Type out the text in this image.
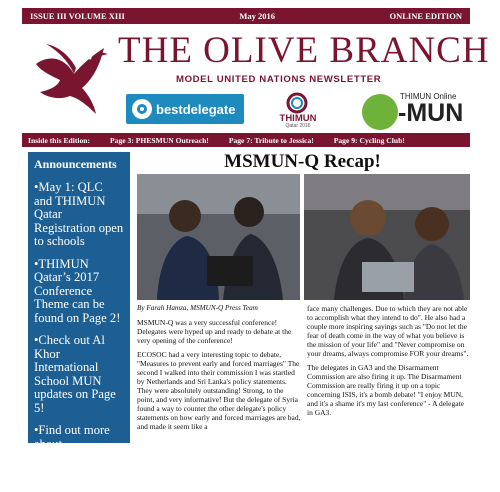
ISSUE III VOLUME XIII	May 2016	ONLINE EDITION
THE OLIVE BRANCH
MODEL UNITED NATIONS NEWSLETTER
bestdelegate
THIMUN
Qatar 2016
THIMUN Online
-MUN
Inside this Edition:	Page 3: PHESMUN Outreach!	Page 7: Tribute to Jessica!	Page 9: Cycling Club!
Announcements
•May 1: QLC and THIMUN Qatar Registration open to schools
•THIMUN Qatar’s 2017 Conference Theme can be found on Page 2!
•Check out Al Khor International School MUN updates on Page 5!
•Find out more about "Genderless Bikes in Qatar" on Page 6!
MSMUN-Q Recap!
By Farah Hamza, MSMUN-Q Press Team

MSMUN-Q was a very successful conference! Delegates were hyped up and ready to debate at the very opening of the conference!

ECOSOC had a very interesting topic to debate, "Measures to prevent early and forced marriages" The second I walked into their commission I was startled by Netherlands and Sri Lanka's policy statements. They were absolutely outstanding! Strong, to the point, and very informative! But the delegate of Syria found a way to counter the other delegate's policy statements on how early and forced marriages are bad, and made it seem like a

face many challenges. Due to which they are not able to accomplish what they intend to do". He also had a couple more inspiring sayings such as "Do not let the fear of death come in the way of what you believe is the mission of your life" and "Never compromise on your dreams, always compromise FOR your dreams".

The delegates in GA3 and the Disarmament Commission are also firing it up. The Disarmament Commission are really firing it up on a topic concerning ISIS, it's a bomb debate! "I enjoy MUN, and it's a shame it's my last conference" - A delegate in GA3.
